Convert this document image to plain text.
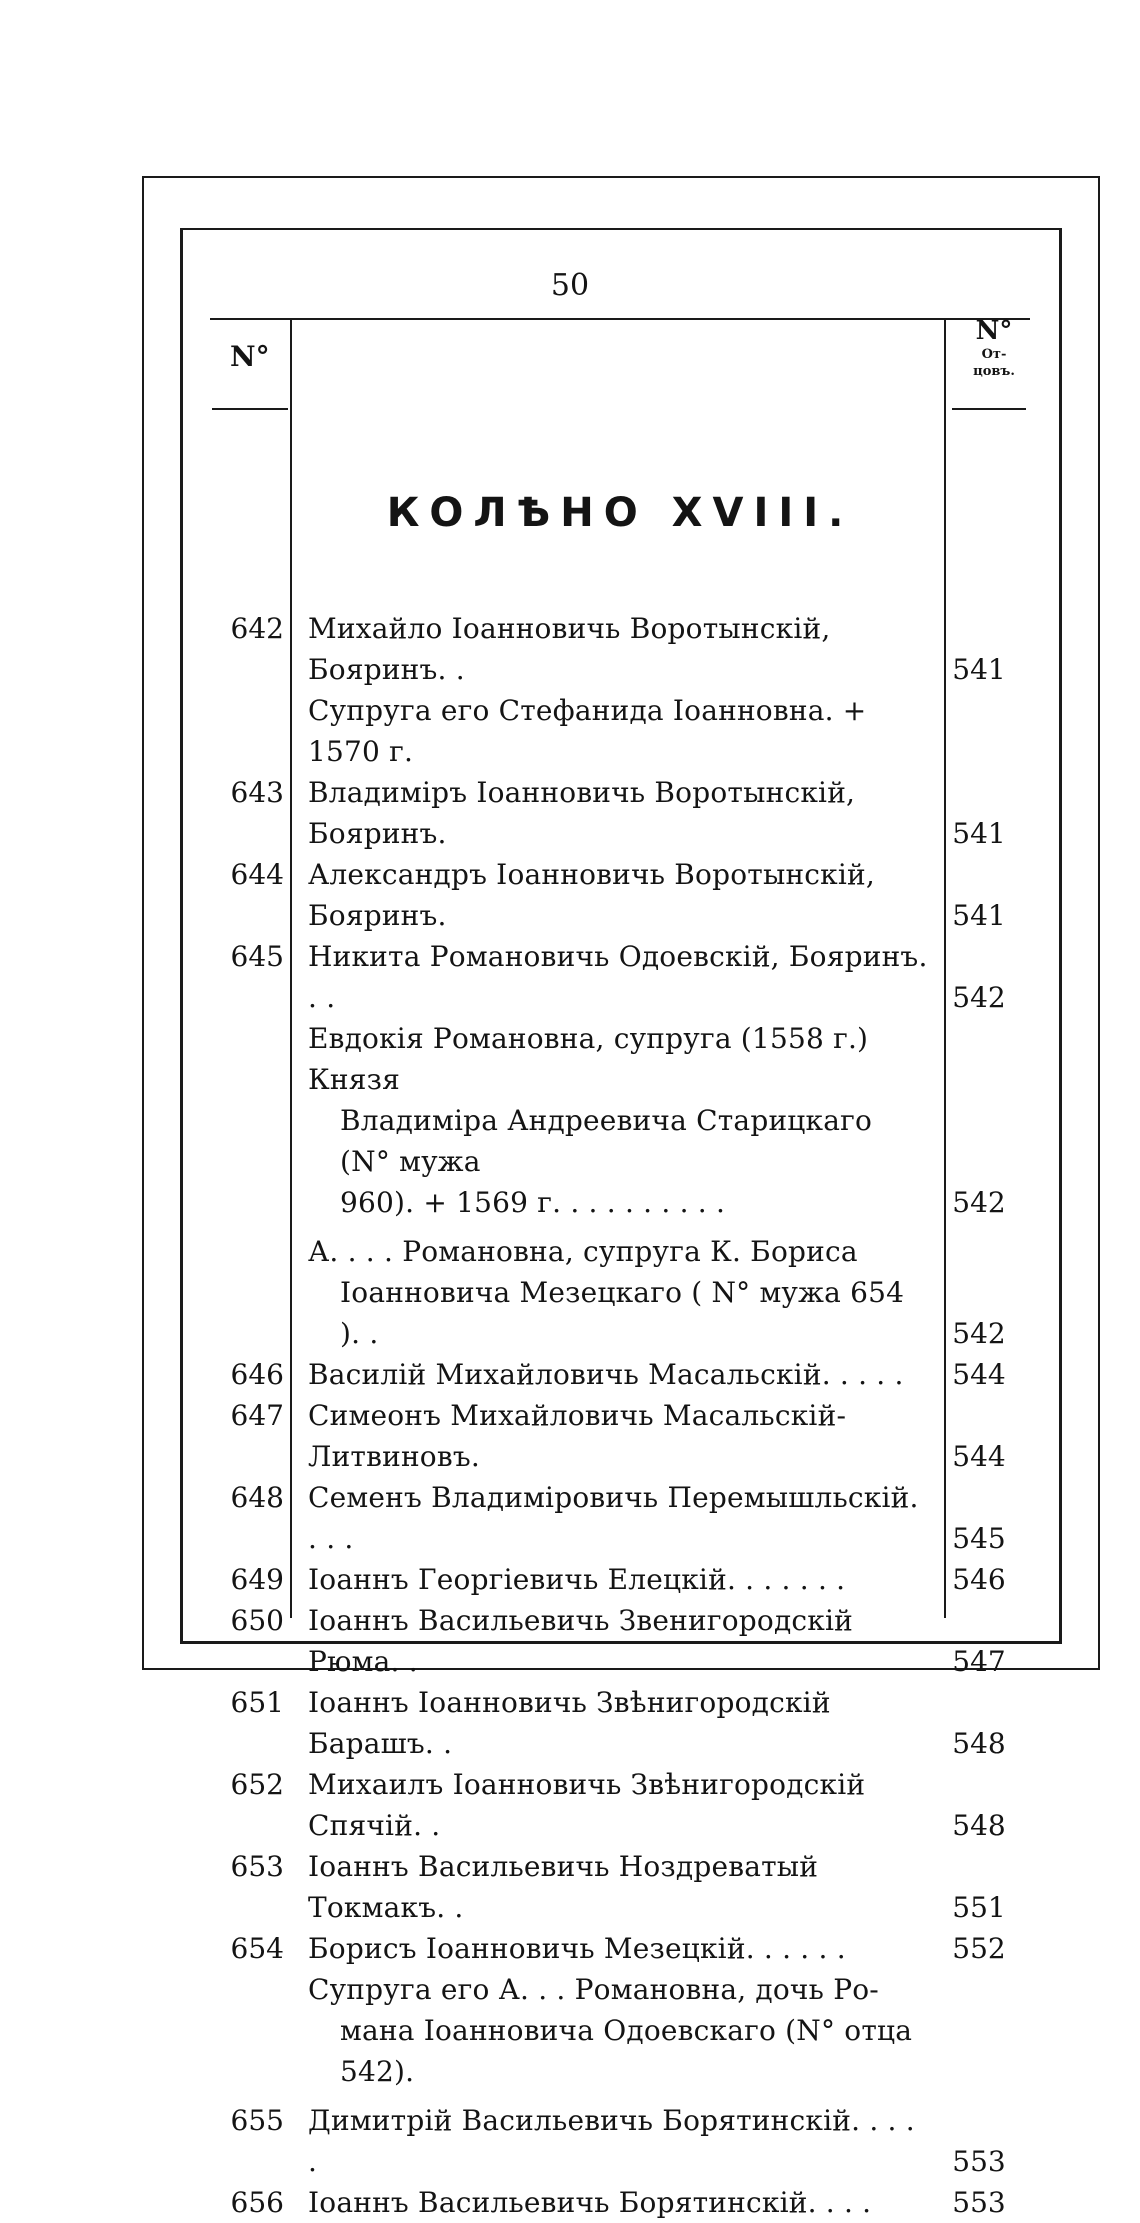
50
N°
N°
От-
цовъ.
КОЛѢНО XVIII.
642 Михайло Іоанновичь Воротынскій, Бояринъ. .	541
Супруга его Стефанида Іоанновна. + 1570 г.
643 Владиміръ Іоанновичь Воротынскій, Бояринъ.	541
644 Александръ Іоанновичь Воротынскій, Бояринъ.	541
645 Никита Романовичь Одоевскій, Бояринъ. . .	542
Евдокія Романовна, супруга (1558 г.) Князя
Владиміра Андреевича Старицкаго (N° мужа
960). + 1569 г. . . . . . . . . .	542
А. . . . Романовна, супруга К. Бориса
Іоанновича Мезецкаго ( N° мужа 654 ). .	542
646 Василій Михайловичь Масальскій. . . . .	544
647 Симеонъ Михайловичь Масальскій-Литвиновъ.	544
648 Семенъ Владиміровичь Перемышльскій. . . .	545
649 Іоаннъ Георгіевичь Елецкій. . . . . . .	546
650 Іоаннъ Васильевичь Звенигородскій Рюма. .	547
651 Іоаннъ Іоанновичь Звѣнигородскій Барашъ. .	548
652 Михаилъ Іоанновичь Звѣнигородскій Спячій. .	548
653 Іоаннъ Васильевичь Ноздреватый Токмакъ. .	551
654 Борисъ Іоанновичь Мезецкій. . . . . .	552
Супруга его А. . . Романовна, дочь Ро-
мана Іоанновича Одоевскаго (N° отца 542).
655 Димитрій Васильевичь Борятинскій. . . . .	553
656 Іоаннъ Васильевичь Борятинскій. . . .	553
